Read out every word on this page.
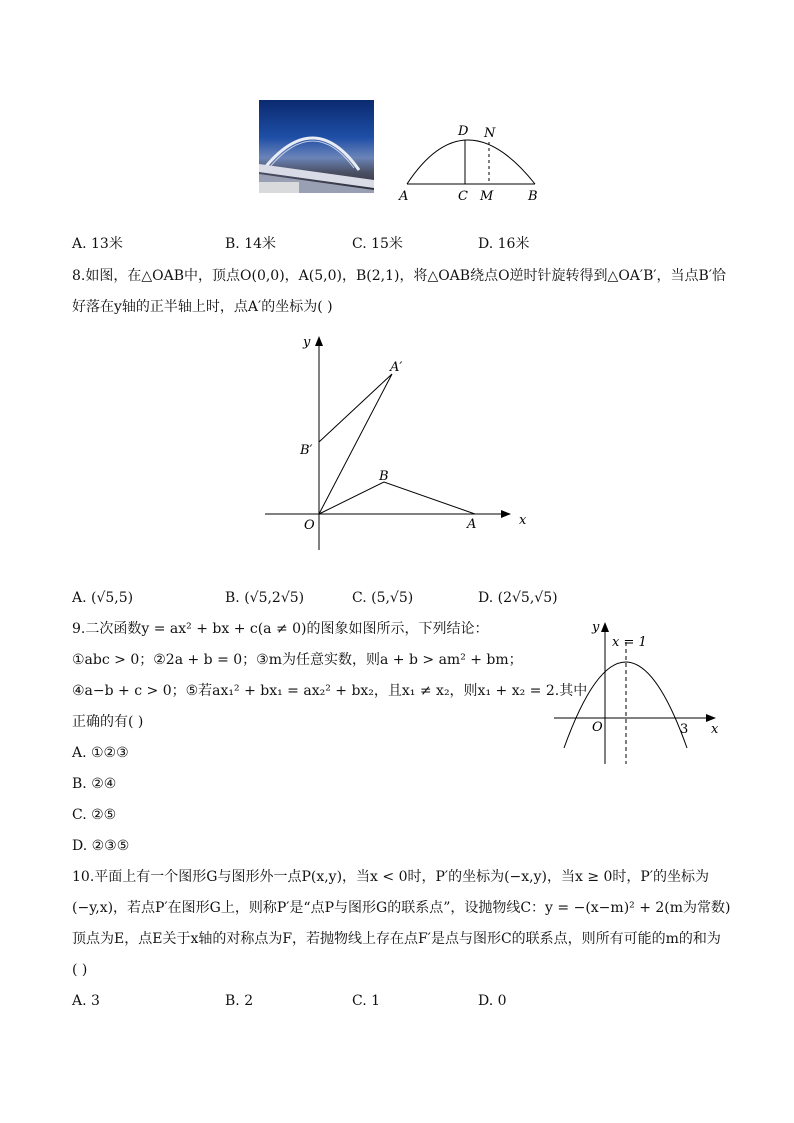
A	C M	B
D N
A. 13米	B. 14米	C. 15米	D. 16米
8.如图，在△OAB中，顶点O(0,0)，A(5,0)，B(2,1)，将△OAB绕点O逆时针旋转得到△OA′B′，当点B′恰
好落在y轴的正半轴上时，点A′的坐标为( )
y
x
O	A
B
A′
B′
A. (√5,5)	B. (√5,2√5)	C. (5,√5)	D. (2√5,√5)
9.二次函数y = ax² + bx + c(a ≠ 0)的图象如图所示，下列结论：
①abc > 0；②2a + b = 0；③m为任意实数，则a + b > am² + bm；
④a−b + c > 0；⑤若ax₁² + bx₁ = ax₂² + bx₂，且x₁ ≠ x₂，则x₁ + x₂ = 2.其中
正确的有( )
A. ①②③
B. ②④
C. ②⑤
D. ②③⑤
y
x
O	3
x = 1
10.平面上有一个图形G与图形外一点P(x,y)，当x < 0时，P′的坐标为(−x,y)，当x ≥ 0时，P′的坐标为
(−y,x)，若点P′在图形G上，则称P′是“点P与图形G的联系点”，设抛物线C：y = −(x−m)² + 2(m为常数)
顶点为E，点E关于x轴的对称点为F，若抛物线上存在点F′是点与图形C的联系点，则所有可能的m的和为
( )
A. 3	B. 2	C. 1	D. 0
